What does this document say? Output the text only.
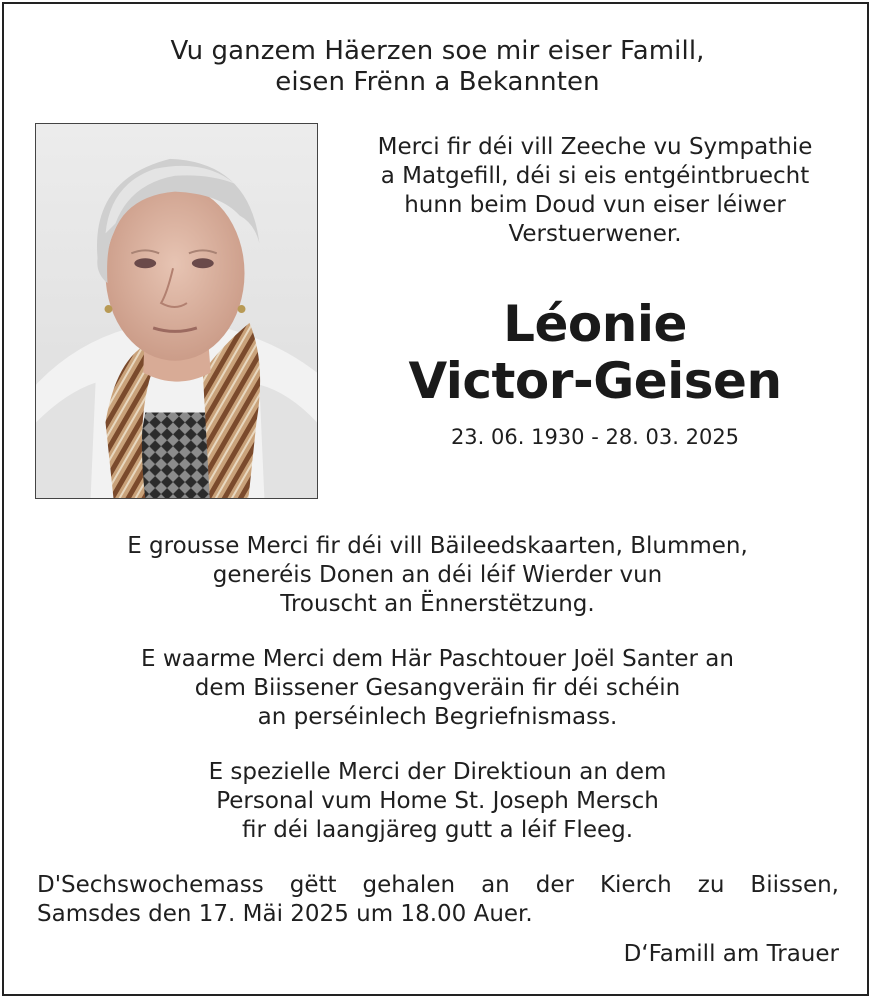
Vu ganzem Häerzen soe mir eiser Famill,
eisen Frënn a Bekannten
Merci fir déi vill Zeeche vu Sympathie
a Matgefill, déi si eis entgéintbruecht
hunn beim Doud vun eiser léiwer
Verstuerwener.
Léonie
Victor-Geisen
23. 06. 1930 - 28. 03. 2025
E grousse Merci fir déi vill Bäileedskaarten, Blummen,
generéis Donen an déi léif Wierder vun
Trouscht an Ënnerstëtzung.
E waarme Merci dem Här Paschtouer Joël Santer an
dem Biissener Gesangveräin fir déi schéin
an perséinlech Begriefnismass.
E spezielle Merci der Direktioun an dem
Personal vum Home St. Joseph Mersch
fir déi laangjäreg gutt a léif Fleeg.
D'Sechswochemass gëtt gehalen an der Kierch zu Biissen,
Samsdes den 17. Mäi 2025 um 18.00 Auer.
D‘Famill am Trauer
